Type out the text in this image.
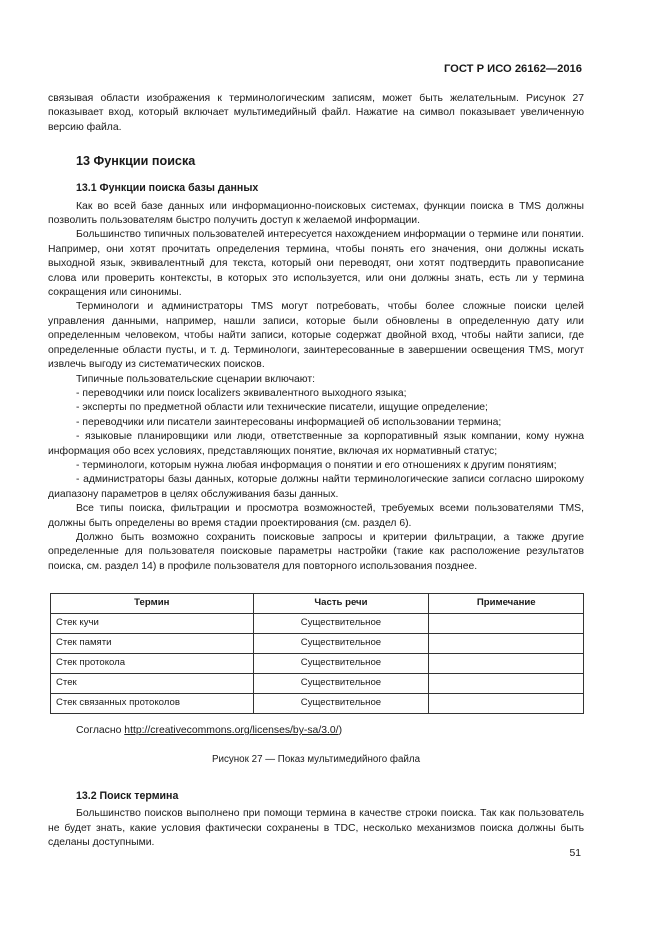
ГОСТ Р ИСО 26162—2016

связывая области изображения к терминологическим записям, может быть желательным. Рисунок 27 показывает вход, который включает мультимедийный файл. Нажатие на символ показывает увеличенную версию файла.

13 Функции поиска
13.1 Функции поиска базы данных

Как во всей базе данных или информационно-поисковых системах, функции поиска в TMS должны позволить пользователям быстро получить доступ к желаемой информации.

Большинство типичных пользователей интересуется нахождением информации о термине или понятии. Например, они хотят прочитать определения термина, чтобы понять его значения, они должны искать выходной язык, эквивалентный для текста, который они переводят, они хотят подтвердить правописание слова или проверить контексты, в которых это используется, или они должны знать, есть ли у термина сокращения или синонимы.

Терминологи и администраторы TMS могут потребовать, чтобы более сложные поиски целей управления данными, например, нашли записи, которые были обновлены в определенную дату или определенным человеком, чтобы найти записи, которые содержат двойной вход, чтобы найти записи, где определенные области пусты, и т. д. Терминологи, заинтересованные в завершении освещения TMS, могут извлечь выгоду из систематических поисков.

Типичные пользовательские сценарии включают:

- переводчики или поиск localizers эквивалентного выходного языка;

- эксперты по предметной области или технические писатели, ищущие определение;

- переводчики или писатели заинтересованы информацией об использовании термина;

- языковые планировщики или люди, ответственные за корпоративный язык компании, кому нужна информация обо всех условиях, представляющих понятие, включая их нормативный статус;

- терминологи, которым нужна любая информация о понятии и его отношениях к другим понятиям;

- администраторы базы данных, которые должны найти терминологические записи согласно широкому диапазону параметров в целях обслуживания базы данных.

Все типы поиска, фильтрации и просмотра возможностей, требуемых всеми пользователями TMS, должны быть определены во время стадии проектирования (см. раздел 6).

Должно быть возможно сохранить поисковые запросы и критерии фильтрации, а также другие определенные для пользователя поисковые параметры настройки (такие как расположение результатов поиска, см. раздел 14) в профиле пользователя для повторного использования позднее.

Термин	Часть речи	Примечание
Стек кучи	Существительное	
Стек памяти	Существительное	
Стек протокола	Существительное	
Стек	Существительное	
Стек связанных протоколов	Существительное	
Согласно http://creativecommons.org/licenses/by-sa/3.0/)
Рисунок 27 — Показ мультимедийного файла
13.2 Поиск термина

Большинство поисков выполнено при помощи термина в качестве строки поиска. Так как пользователь не будет знать, какие условия фактически сохранены в TDC, несколько механизмов поиска должны быть сделаны доступными.

51
